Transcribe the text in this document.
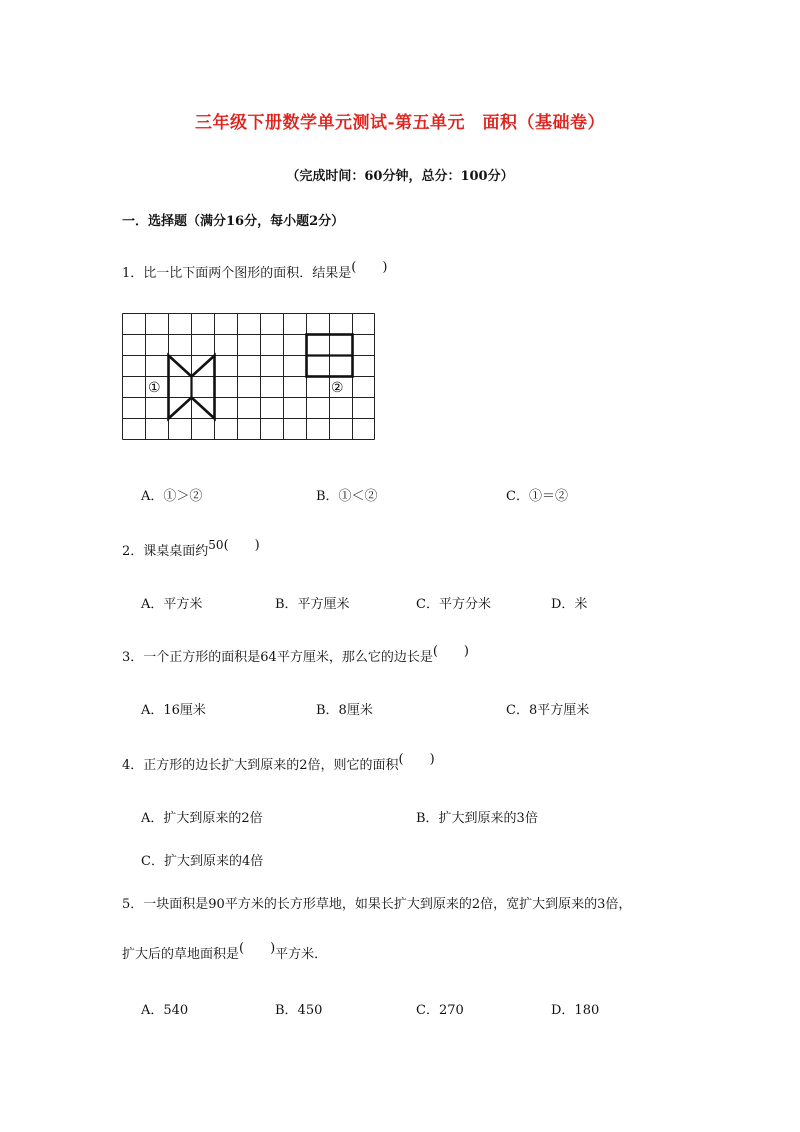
三年级下册数学单元测试-第五单元　面积（基础卷）
（完成时间：60分钟，总分：100分）
一．选择题（满分16分，每小题2分）
1．比一比下面两个图形的面积．结果是(　　)
①	②
A．①＞②	B．①＜②	C．①＝②
2．课桌桌面约50(　　)
A．平方米	B．平方厘米	C．平方分米	D．米
3．一个正方形的面积是64平方厘米，那么它的边长是(　　)
A．16厘米	B．8厘米	C．8平方厘米
4．正方形的边长扩大到原来的2倍，则它的面积(　　)
A．扩大到原来的2倍	B．扩大到原来的3倍
C．扩大到原来的4倍
5．一块面积是90平方米的长方形草地，如果长扩大到原来的2倍，宽扩大到原来的3倍，
扩大后的草地面积是(　　)平方米．
A．540	B．450	C．270	D．180
